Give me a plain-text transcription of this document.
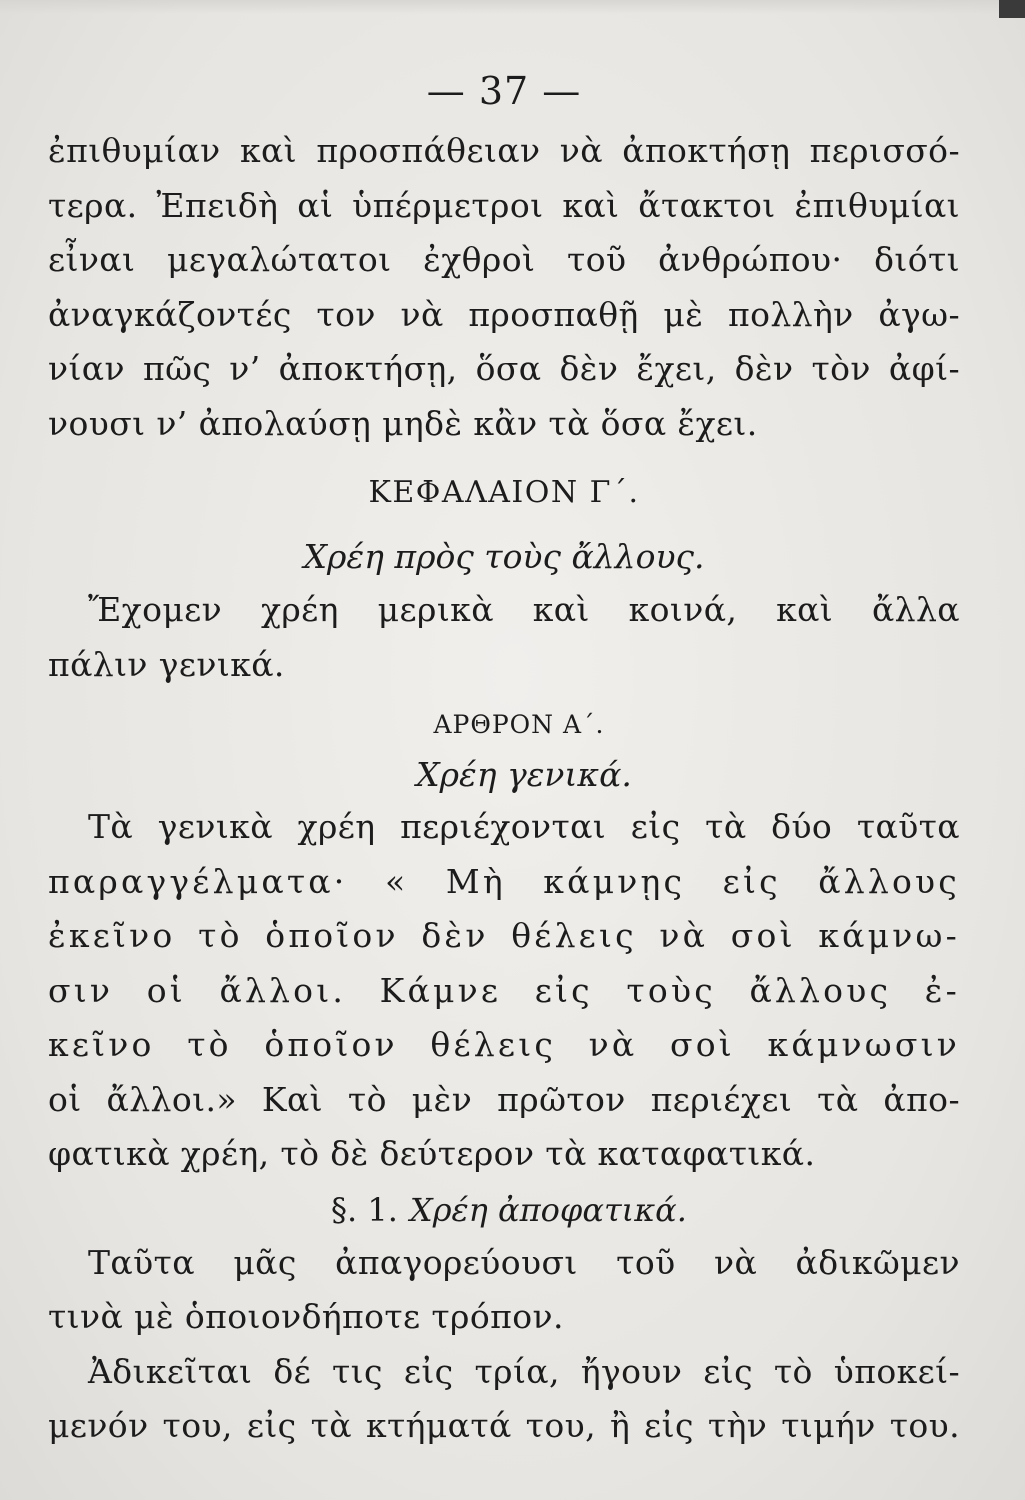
— 37 —
ἐπιθυμίαν καὶ προσπάθειαν νὰ ἀποκτήσῃ περισσό-
τερα. Ἐπειδὴ αἱ ὑπέρμετροι καὶ ἄτακτοι ἐπιθυμίαι
εἶναι μεγαλώτατοι ἐχθροὶ τοῦ ἀνθρώπου· διότι
ἀναγκάζοντές τον νὰ προσπαθῇ μὲ πολλὴν ἀγω-
νίαν πῶς ν’ ἀποκτήσῃ, ὅσα δὲν ἔχει, δὲν τὸν ἀφί-
νουσι ν’ ἀπολαύσῃ μηδὲ κἂν τὰ ὅσα ἔχει.
ΚΕΦΑΛΑΙΟΝ Γ΄.
Χρέη πρὸς τοὺς ἄλλους.
Ἔχομεν χρέη μερικὰ καὶ κοινά, καὶ ἄλλα
πάλιν γενικά.
ΑΡΘΡΟΝ Α΄.
Χρέη γενικά.
Τὰ γενικὰ χρέη περιέχονται εἰς τὰ δύο ταῦτα
παραγγέλματα· « Μὴ κάμνῃς εἰς ἄλλους
ἐκεῖνο τὸ ὁποῖον δὲν θέλεις νὰ σοὶ κάμνω-
σιν οἱ ἄλλοι. Κάμνε εἰς τοὺς ἄλλους ἐ-
κεῖνο τὸ ὁποῖον θέλεις νὰ σοὶ κάμνωσιν
οἱ ἄλλοι.» Καὶ τὸ μὲν πρῶτον περιέχει τὰ ἀπο-
φατικὰ χρέη, τὸ δὲ δεύτερον τὰ καταφατικά.
§. 1. Χρέη ἀποφατικά.
Ταῦτα μᾶς ἀπαγορεύουσι τοῦ νὰ ἀδικῶμεν
τινὰ μὲ ὁποιονδήποτε τρόπον.
Ἀδικεῖται δέ τις εἰς τρία, ἤγουν εἰς τὸ ὑποκεί-
μενόν του, εἰς τὰ κτήματά του, ἢ εἰς τὴν τιμήν του.
